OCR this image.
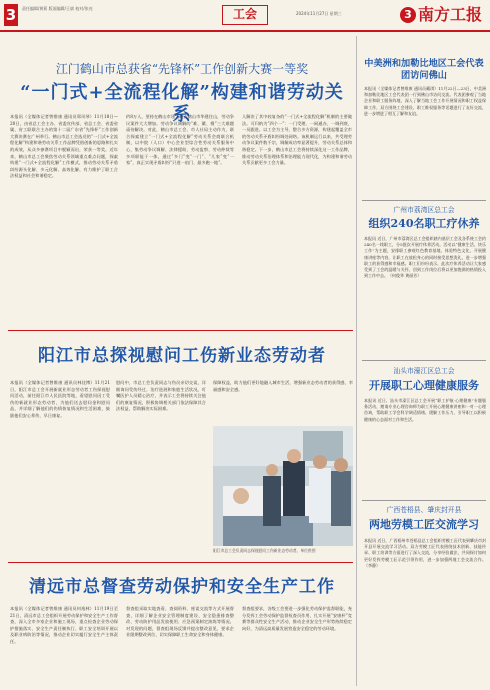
3	责任编辑/黄莉 版面编辑/王斌 校对/张亮	工会	2024年11月27日 星期三	3 南方工报
江门鹤山市总获省“先锋杯”工作创新大赛一等奖
“一门式+全流程化解”构建和谐劳动关系
本报讯（全媒体记者曾维康 通讯员郑凤琴）11月18日—20日，由省总工会主办、省委宣传部、省总工会、省委省属、省工联联合主办的第十二届广东省“先锋杯”工作创新大赛决赛在广州举行。鹤山市总工会选送的“一门式+全流程化解”构建和谐劳动关系工作品牌凭借创新的思路和扎实的成效，从众多参赛项目中脱颖而出，荣获一等奖。近年来，鹤山市总工会聚焦劳动关系领域重点难点问题，探索构建“一门式+全流程化解”工作模式，推动劳动关系矛盾纠纷源头化解、多元化解、高效化解，有力维护了职工合法权益和社会和谐稳定。
约8万人，坚持在鹤山市建工地占鹤山市华建住山，劳动争议案件大大增加。劳动争议调解的“难、繁、慢”三大难题亟待解决。对此，鹤山市总工会、市人社局主动作为，联合探索建立“一门式+全流程化解”劳动关系会商联合机制，以中院（人口）中心会业型综合性劳动关系服务中心，集劳动争议调解、法律援助、劳动监察、劳动仲裁等多项职能于一体，通过“多门”变“一门”、“几家”变“一家”，真正实现矛盾纠纷“只进一扇门、最多跑一地”。
人解决了其中较复杂的“一门式+全流程化解”机制的主要做法。可归纳为“四个一”：一门受理、一网通办、一调到底、一员跟进。以工会为主导，整合多方资源，构建起覆盖全市的劳动关系矛盾纠纷调处网络。该机制运行以来，共受理劳动争议案件数千宗，调解成功率显著提升，劳动关系总体和谐稳定。下一步，鹤山市总工会将持续深化这一工作品牌，推动劳动关系治理体系和治理能力现代化，为构建和谐劳动关系贡献更多工会力量。
阳江市总探视慰问工伤新业态劳动者
本报讯（全媒体记者曾维康 通讯员林佳博）11月21日，阳江市总工会开展新就业形态劳动者工伤探视慰问活动，前往阳江市人民医院等地，看望慰问因工受伤的新就业形态劳动者，为他们送去慰问金和慰问品，并详细了解他们的伤情恢复情况和生活困难，鼓励他们安心养伤、早日康复。
慰问中，市总工会负责同志与伤员亲切交谈，详细询问受伤经过、治疗进展和家庭生活状况，叮嘱医护人员精心治疗，并表示工会将持续关注他们的康复情况，积极协调相关部门依法保障其合法权益，帮助解决实际困难。
保障权益，助力他们更好地融入城市生活，增强新业态劳动者的获得感、幸福感和安全感。
阳江市总工会负责同志探视慰问工伤新业态劳动者。单位供图
清远市总督查劳动保护和安全生产工作
本报讯（全媒体记者曾维康 通讯员何逸林）11月19日至21日，清远市总工会组织开展劳动保护和安全生产工作督查，深入全市多家企业和施工现场，重点检查企业劳动保护措施落实、安全生产责任制执行、职工安全培训开展以及职业病防治等情况，推动企业切实履行安全生产主体责任。
督查组采取实地查看、查阅资料、座谈交流等方式开展督查，详细了解企业安全管理制度建设、安全隐患排查整改、劳动防护用品发放使用、应急预案制定演练等情况。对发现的问题，督查组现场反馈并提出整改意见，要求企业限期整改到位，切实保障职工生命安全和身体健康。
督查组要求，各级工会要进一步强化劳动保护监督职能，充分发挥工会劳动保护监督检查员作用，扎实开展“安康杯”竞赛等群众性安全生产活动，推动企业安全生产形势持续稳定向好，为清远高质量发展营造安全稳定的劳动环境。
中美洲和加勒比地区工会代表团访问佛山
本报讯（全媒体记者曾维康 通讯员戴琪）11月22日—23日，中美洲和加勒比地区工会代表团一行到佛山市访问交流。代表团参观了当地企业和职工服务阵地，深入了解当地工会工作开展情况和职工权益保障工作，双方围绕工会建设、职工维权服务等话题进行了友好交流，进一步增进了相互了解和友谊。
广州市荔湾区总工会
组织240名职工疗休养
本报讯 近日，广州市荔湾区总工会组织辖内基层工会及各系统工会约240名一线职工，分5批次开展疗休养活动。活动以“健康生活、快乐工作”为主题，安排职工参观红色教育基地、体验特色文化、开展健康讲座等内容，让职工在放松身心的同时接受思想洗礼，进一步增强职工的获得感和幸福感。职工们纷纷表示，此次疗休养活动让大家感受到了工会的温暖与关怀，回到工作岗位后将以更加饱满的热情投入到工作中去。（何俊华 黄丽芳）
汕头市濠江区总工会
开展职工心理健康服务
本报讯 近日，汕头市濠江区总工会开展“职工护航·心理健康”专题服务活动，邀请专业心理咨询师为职工开展心理健康讲座和一对一心理咨询，帮助职工学会科学调适情绪、缓解工作压力，引导职工以积极健康的心态面对工作和生活。
广西苍梧县、肇庆封开县
两地劳模工匠交流学习
本报讯 近日，广西梧州市苍梧县总工会组织劳模工匠代表到肇庆市封开县开展交流学习活动。双方劳模工匠代表围绕技术创新、技能传承、职工培训等方面进行了深入交流，分享经验做法，共同探讨如何更好发挥劳模工匠示范引领作用，进一步加强两地工会交流合作。（李静）
